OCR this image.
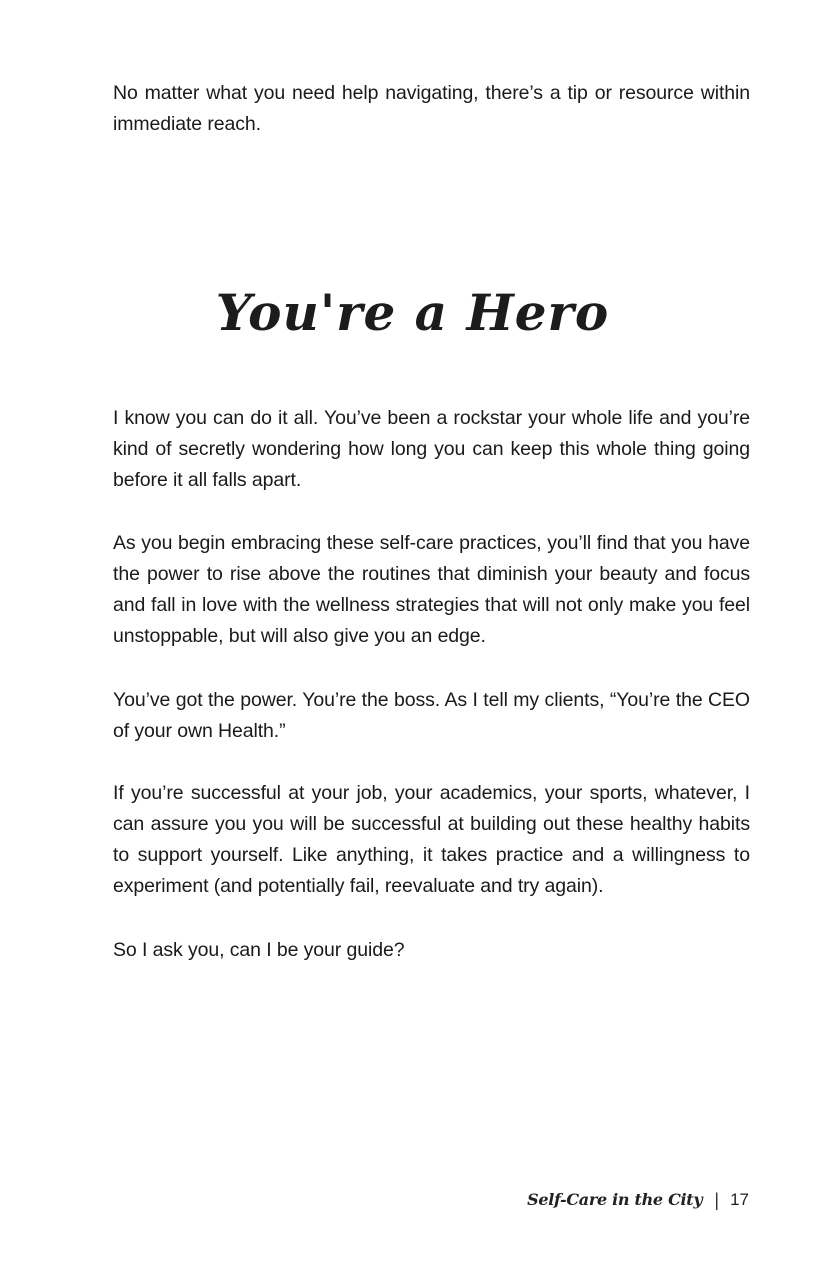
No matter what you need help navigating, there’s a tip or resource within immediate reach.

You're a Hero

I know you can do it all. You’ve been a rockstar your whole life and you’re kind of secretly wondering how long you can keep this whole thing going before it all falls apart.

As you begin embracing these self-care practices, you’ll find that you have the power to rise above the routines that diminish your beauty and focus and fall in love with the wellness strategies that will not only make you feel unstoppable, but will also give you an edge.

You’ve got the power. You’re the boss. As I tell my clients, “You’re the CEO of your own Health.”

If you’re successful at your job, your academics, your sports, whatever, I can assure you you will be successful at building out these healthy habits to support yourself. Like anything, it takes practice and a willingness to experiment (and potentially fail, reevaluate and try again).

So I ask you, can I be your guide?

Self-Care in the City | 17
